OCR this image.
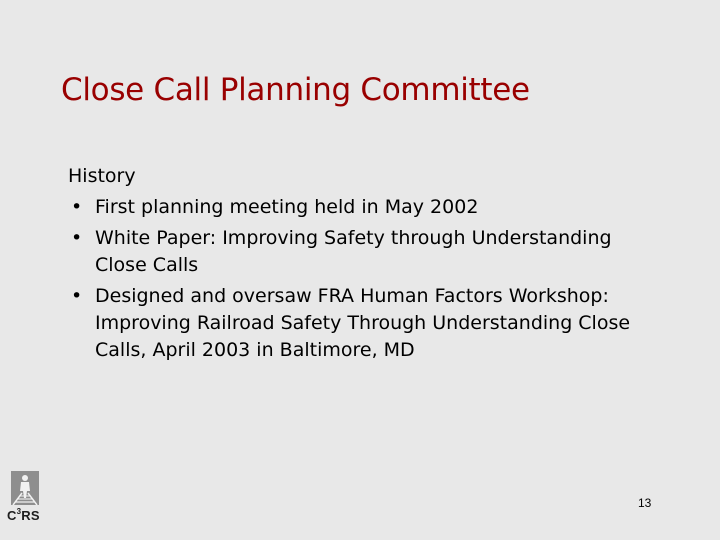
Close Call Planning Committee
History
• First planning meeting held in May 2002
• White Paper: Improving Safety through Understanding
Close Calls
• Designed and oversaw FRA Human Factors Workshop:
Improving Railroad Safety Through Understanding Close
Calls, April 2003 in Baltimore, MD
13
$C^3RS$
